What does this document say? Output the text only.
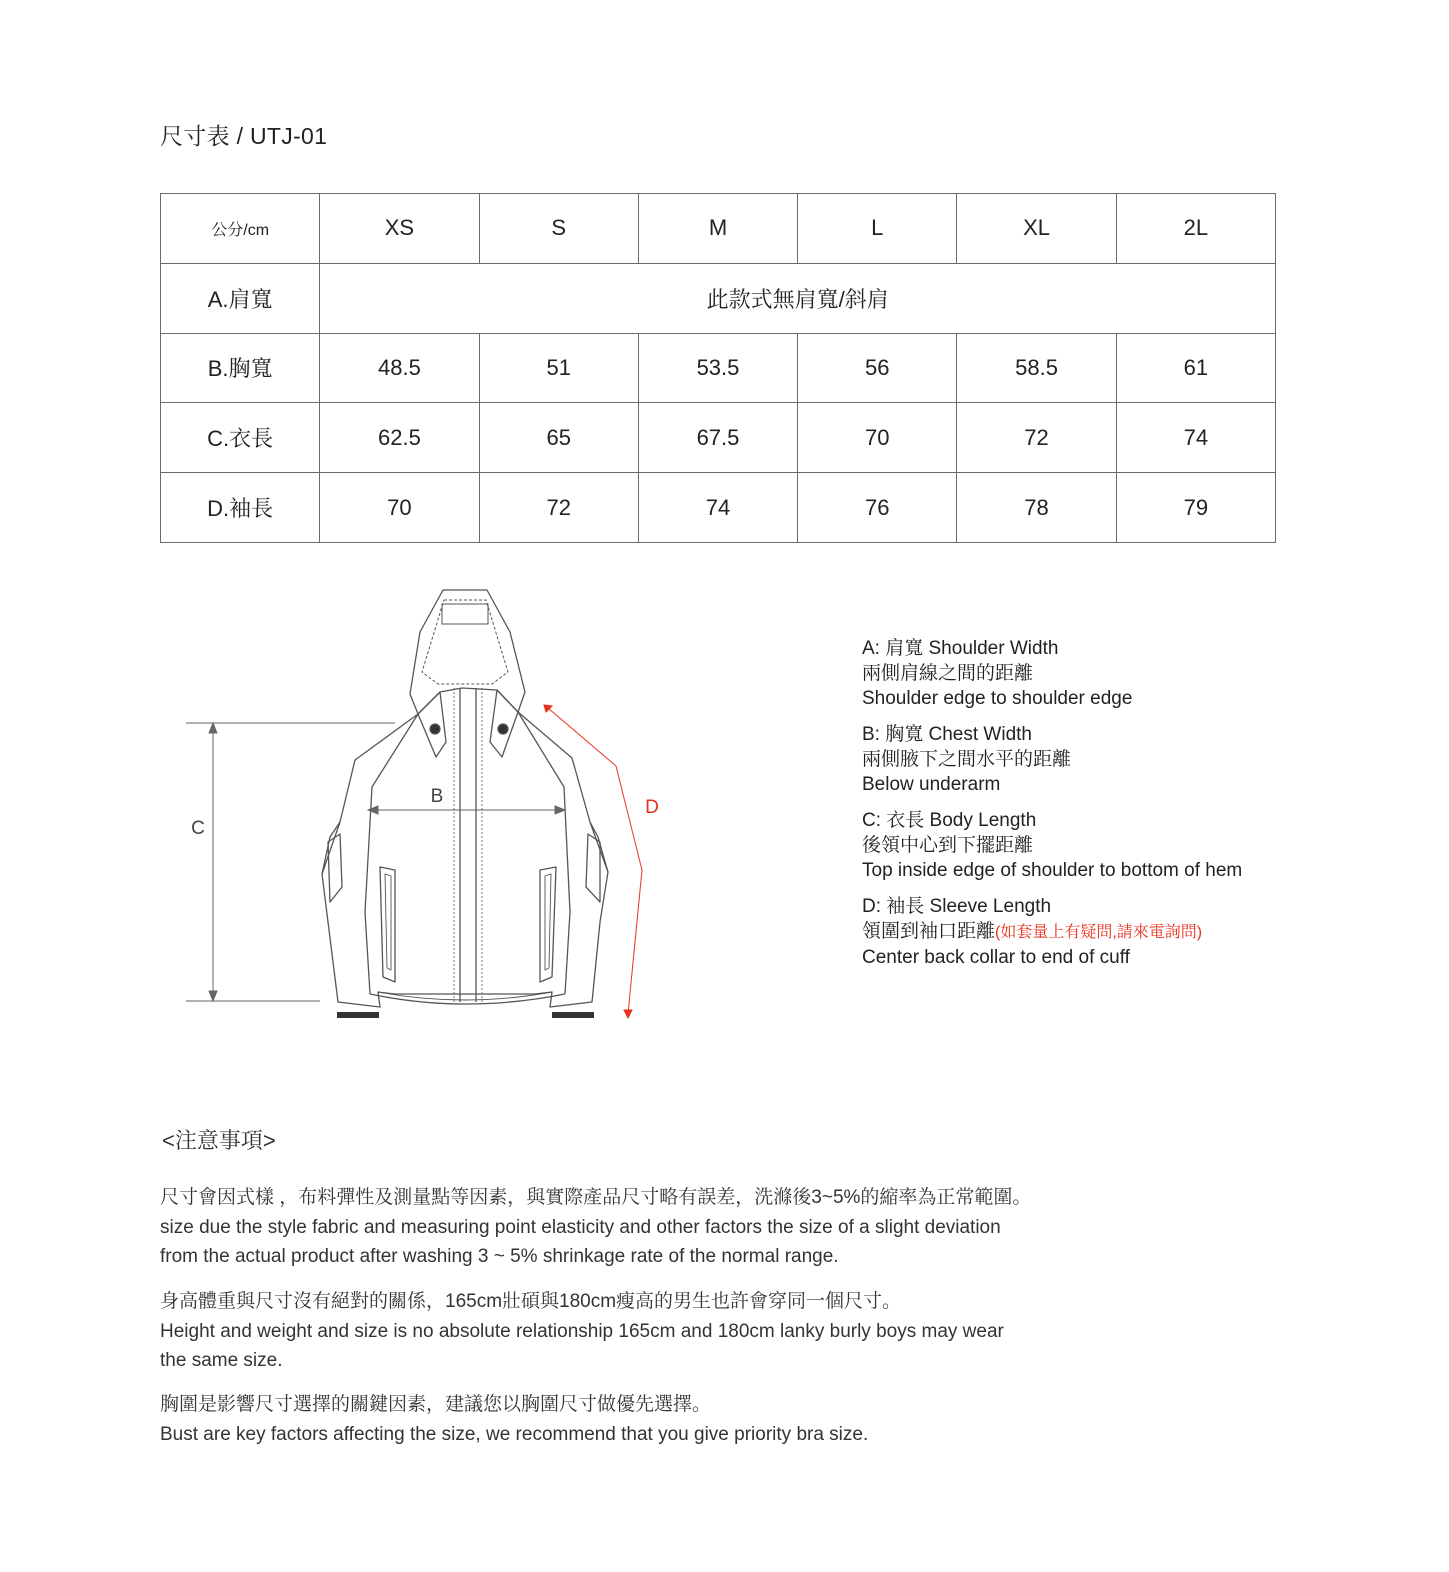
尺寸表 / UTJ-01
公分/cm	XS	S	M	L	XL	2L
A.肩寬	此款式無肩寬/斜肩					
B.胸寬	48.5	51	53.5	56	58.5	61
C.衣長	62.5	65	67.5	70	72	74
D.袖長	70	72	74	76	78	79
B
C
D
A: 肩寬 Shoulder Width
兩側肩線之間的距離
Shoulder edge to shoulder edge
B: 胸寬 Chest Width
兩側腋下之間水平的距離
Below underarm
C: 衣長 Body Length
後領中心到下擺距離
Top inside edge of shoulder to bottom of hem
D: 袖長 Sleeve Length
領圍到袖口距離(如套量上有疑問,請來電詢問)
Center back collar to end of cuff
<注意事項>
尺寸會因式樣 ，布料彈性及測量點等因素，與實際產品尺寸略有誤差，洗滌後3~5%的縮率為正常範圍。
size due the style fabric and measuring point elasticity and other factors the size of a slight deviation
from the actual product after washing 3 ~ 5% shrinkage rate of the normal range.
身高體重與尺寸沒有絕對的關係，165cm壯碩與180cm瘦高的男生也許會穿同一個尺寸。
Height and weight and size is no absolute relationship 165cm and 180cm lanky burly boys may wear
the same size.
胸圍是影響尺寸選擇的關鍵因素，建議您以胸圍尺寸做優先選擇。
Bust are key factors affecting the size, we recommend that you give priority bra size.
